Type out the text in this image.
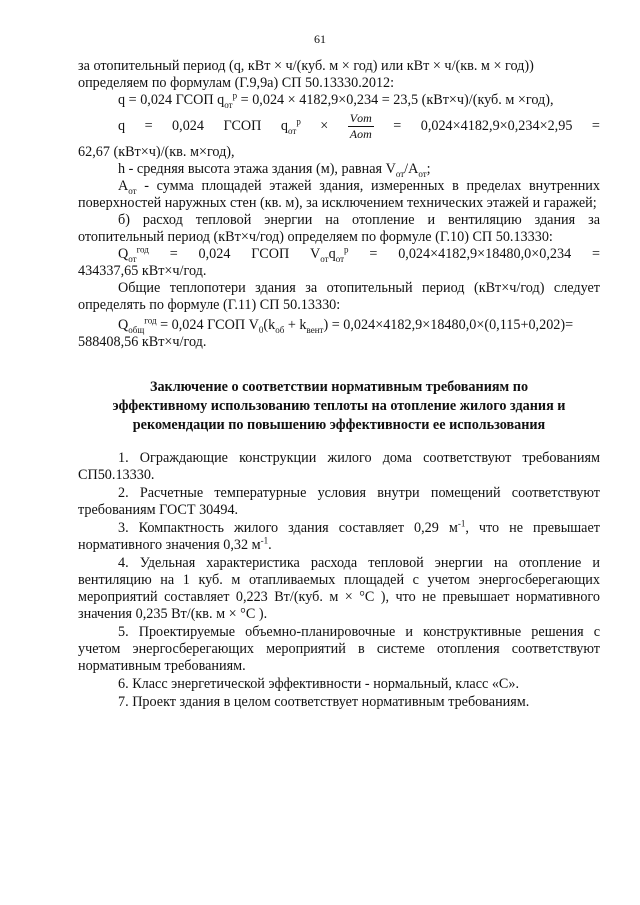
61

за отопительный период (q, кВт × ч/(куб. м × год) или кВт × ч/(кв. м × год))

определяем по формулам (Г.9,9а) СП 50.13330.2012:

q = 0,024 ГСОП $q_{от}^р = 0,024 \times 4182,9\times 0,234 = 23,5$ (кВт×ч)/(куб. м ×год),

q = 0,024 ГСОП $q_{от}^р \times \frac{\text{Vот}}{\text{Aот}} = 0,024\times 4182,9\times 0,234\times 2,95$ =

62,67 (кВт×ч)/(кв. м×год),

h - средняя высота этажа здания (м), равная $V_{от}/A_{от}$;

$A_{от}$ - сумма площадей этажей здания, измеренных в пределах внутренних поверхностей наружных стен (кв. м), за исключением технических этажей и гаражей;

б) расход тепловой энергии на отопление и вентиляцию здания за отопительный период (кВт×ч/год) определяем по формуле (Г.10) СП 50.13330:

$Q_{от}^{год} = 0,024$ ГСОП $V_{от}q_{от}^р = 0,024\times 4182,9\times 18480,0\times 0,234$ =

434337,65 кВт×ч/год.

Общие теплопотери здания за отопительный период (кВт×ч/год) следует определять по формуле (Г.11) СП 50.13330:

$Q_{общ}^{год} = 0,024$ ГСОП $V_0(k_{об} + k_{вент}) = 0,024\times 4182,9\times 18480,0\times(0,115+0,202)=$

588408,56 кВт×ч/год.

Заключение о соответствии нормативным требованиям по
эффективному использованию теплоты на отопление жилого здания и
рекомендации по повышению эффективности ее использования

1. Ограждающие конструкции жилого дома соответствуют требованиям СП50.13330.

2. Расчетные температурные условия внутри помещений соответствуют требованиям ГОСТ 30494.

3. Компактность жилого здания составляет 0,29 $м^{-1}$, что не превышает нормативного значения 0,32 $м^{-1}$.

4. Удельная характеристика расхода тепловой энергии на отопление и вентиляцию на 1 куб. м отапливаемых площадей с учетом энергосберегающих мероприятий составляет 0,223 Вт/(куб. м × °С ), что не превышает нормативного значения 0,235 Вт/(кв. м × °С ).

5. Проектируемые объемно-планировочные и конструктивные решения с учетом энергосберегающих мероприятий в системе отопления соответствуют нормативным требованиям.

6. Класс энергетической эффективности - нормальный, класс «С».

7. Проект здания в целом соответствует нормативным требованиям.
